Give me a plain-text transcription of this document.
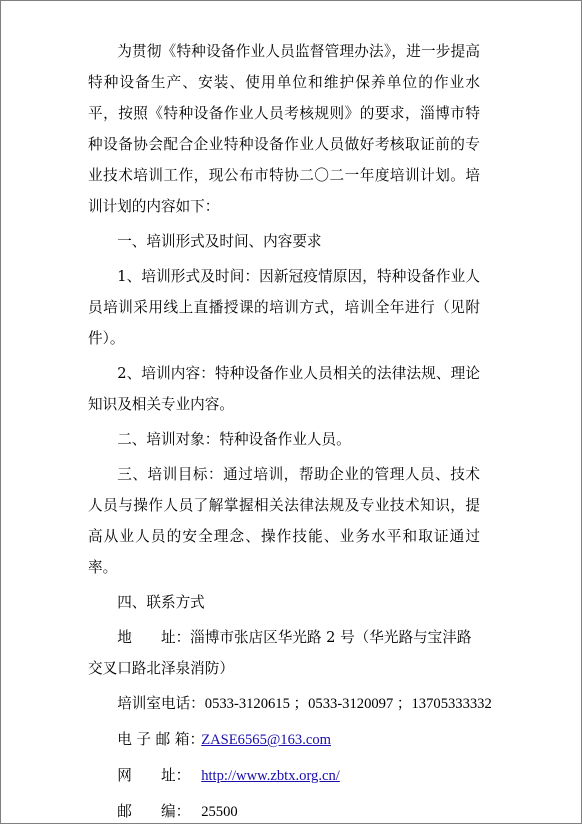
为贯彻《特种设备作业人员监督管理办法》，进一步提高特种设备生产、安装、使用单位和维护保养单位的作业水平，按照《特种设备作业人员考核规则》的要求，淄博市特种设备协会配合企业特种设备作业人员做好考核取证前的专业技术培训工作，现公布市特协二〇二一年度培训计划。培训计划的内容如下：

一、培训形式及时间、内容要求

1、培训形式及时间：因新冠疫情原因，特种设备作业人员培训采用线上直播授课的培训方式，培训全年进行（见附件）。

2、培训内容：特种设备作业人员相关的法律法规、理论知识及相关专业内容。

二、培训对象：特种设备作业人员。

三、培训目标：通过培训，帮助企业的管理人员、技术人员与操作人员了解掌握相关法律法规及专业技术知识，提高从业人员的安全理念、操作技能、业务水平和取证通过率。

四、联系方式

地　　址：淄博市张店区华光路 2 号（华光路与宝沣路交叉口路北泽泉消防）

培训室电话：0533-3120615 ；0533-3120097 ；13705333332

电 子 邮 箱：ZASE6565@163.com

网　　址： http://www.zbtx.org.cn/

邮　　编： 25500
